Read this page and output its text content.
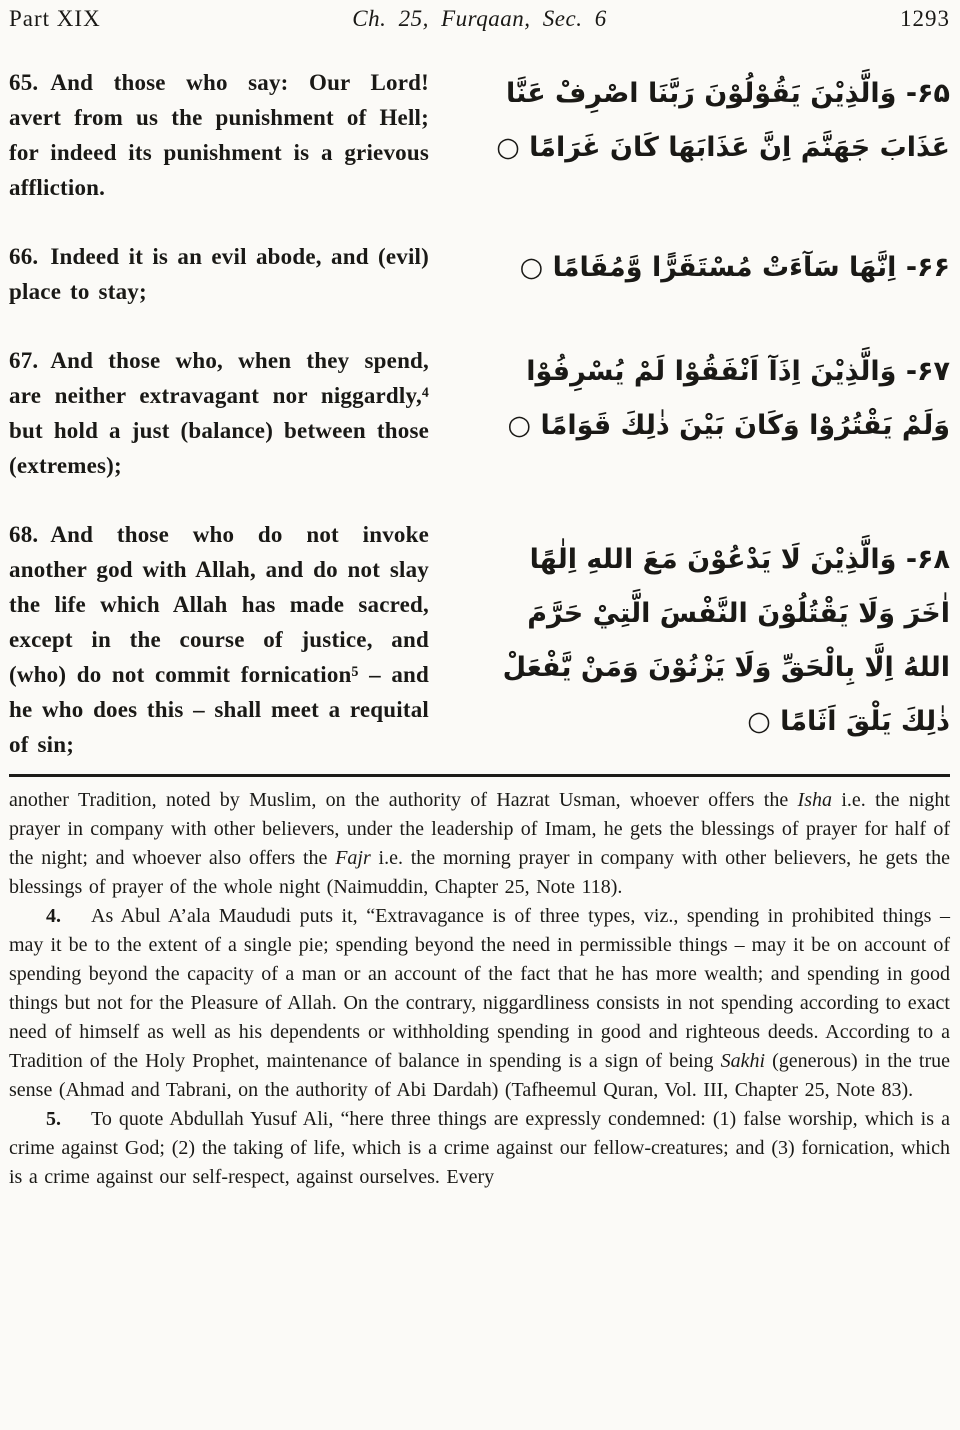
Part XIX	Ch. 25, Furqaan, Sec. 6	1293

65. And those who say: Our Lord! avert from us the punishment of Hell; for indeed its punishment is a grievous affliction.

۶۵- وَالَّذِيْنَ يَقُوْلُوْنَ رَبَّنَا اصْرِفْ عَنَّا عَذَابَ جَهَنَّمَ اِنَّ عَذَابَهَا كَانَ غَرَامًا ○

66. Indeed it is an evil abode, and (evil) place to stay;

۶۶- اِنَّهَا سَآءَتْ مُسْتَقَرًّا وَّمُقَامًا ○

67. And those who, when they spend, are neither extravagant nor niggardly,⁴ but hold a just (balance) between those (extremes);

۶۷- وَالَّذِيْنَ اِذَآ اَنْفَقُوْا لَمْ يُسْرِفُوْا وَلَمْ يَقْتُرُوْا وَكَانَ بَيْنَ ذٰلِكَ قَوَامًا ○

68. And those who do not invoke another god with Allah, and do not slay the life which Allah has made sacred, except in the course of justice, and (who) do not commit fornication⁵ – and he who does this – shall meet a requital of sin;

۶۸- وَالَّذِيْنَ لَا يَدْعُوْنَ مَعَ اللهِ اِلٰهًا اٰخَرَ وَلَا يَقْتُلُوْنَ النَّفْسَ الَّتِيْ حَرَّمَ اللهُ اِلَّا بِالْحَقِّ وَلَا يَزْنُوْنَ وَمَنْ يَّفْعَلْ ذٰلِكَ يَلْقَ اَثَامًا ○

another Tradition, noted by Muslim, on the authority of Hazrat Usman, whoever offers the Isha i.e. the night prayer in company with other believers, under the leadership of Imam, he gets the blessings of prayer for half of the night; and whoever also offers the Fajr i.e. the morning prayer in company with other believers, he gets the blessings of prayer of the whole night (Naimuddin, Chapter 25, Note 118).

4. As Abul A’ala Maududi puts it, “Extravagance is of three types, viz., spending in prohibited things – may it be to the extent of a single pie; spending beyond the need in permissible things – may it be on account of spending beyond the capacity of a man or an account of the fact that he has more wealth; and spending in good things but not for the Pleasure of Allah. On the contrary, niggardliness consists in not spending according to exact need of himself as well as his dependents or withholding spending in good and righteous deeds. According to a Tradition of the Holy Prophet, maintenance of balance in spending is a sign of being Sakhi (generous) in the true sense (Ahmad and Tabrani, on the authority of Abi Dardah) (Tafheemul Quran, Vol. III, Chapter 25, Note 83).

5. To quote Abdullah Yusuf Ali, “here three things are expressly condemned: (1) false worship, which is a crime against God; (2) the taking of life, which is a crime against our fellow-creatures; and (3) fornication, which is a crime against our self-respect, against ourselves. Every
